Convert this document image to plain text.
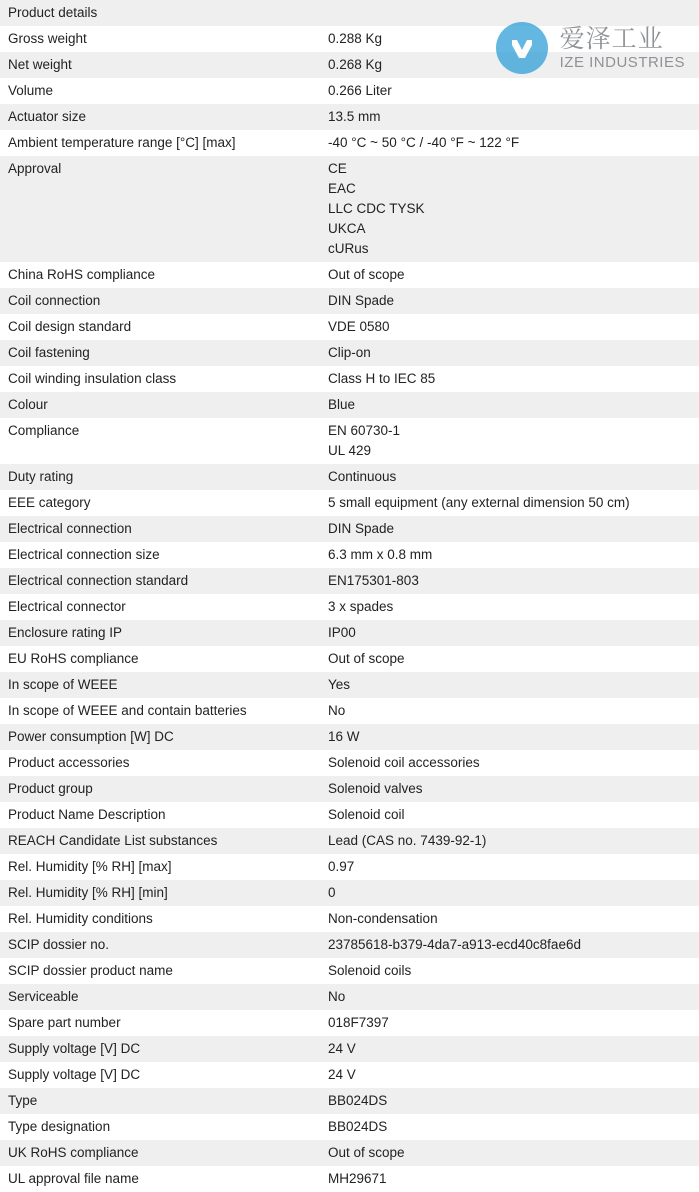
Product details	
Gross weight	0.288 Kg
Net weight	0.268 Kg
Volume	0.266 Liter
Actuator size	13.5 mm
Ambient temperature range [°C] [max]	-40 °C ~ 50 °C / -40 °F ~ 122 °F
Approval	CE
EAC
LLC CDC TYSK
UKCA
cURus

China RoHS compliance	Out of scope
Coil connection	DIN Spade
Coil design standard	VDE 0580
Coil fastening	Clip-on
Coil winding insulation class	Class H to IEC 85
Colour	Blue
Compliance	EN 60730-1
UL 429

Duty rating	Continuous
EEE category	5 small equipment (any external dimension 50 cm)
Electrical connection	DIN Spade
Electrical connection size	6.3 mm x 0.8 mm
Electrical connection standard	EN175301-803
Electrical connector	3 x spades
Enclosure rating IP	IP00
EU RoHS compliance	Out of scope
In scope of WEEE	Yes
In scope of WEEE and contain batteries	No
Power consumption [W] DC	16 W
Product accessories	Solenoid coil accessories
Product group	Solenoid valves
Product Name Description	Solenoid coil
REACH Candidate List substances	Lead (CAS no. 7439-92-1)
Rel. Humidity [% RH] [max]	0.97
Rel. Humidity [% RH] [min]	0
Rel. Humidity conditions	Non-condensation
SCIP dossier no.	23785618-b379-4da7-a913-ecd40c8fae6d
SCIP dossier product name	Solenoid coils
Serviceable	No
Spare part number	018F7397
Supply voltage [V] DC	24 V
Supply voltage [V] DC	24 V
Type	BB024DS
Type designation	BB024DS
UK RoHS compliance	Out of scope
UL approval file name	MH29671
爱泽工业
IZE INDUSTRIES
